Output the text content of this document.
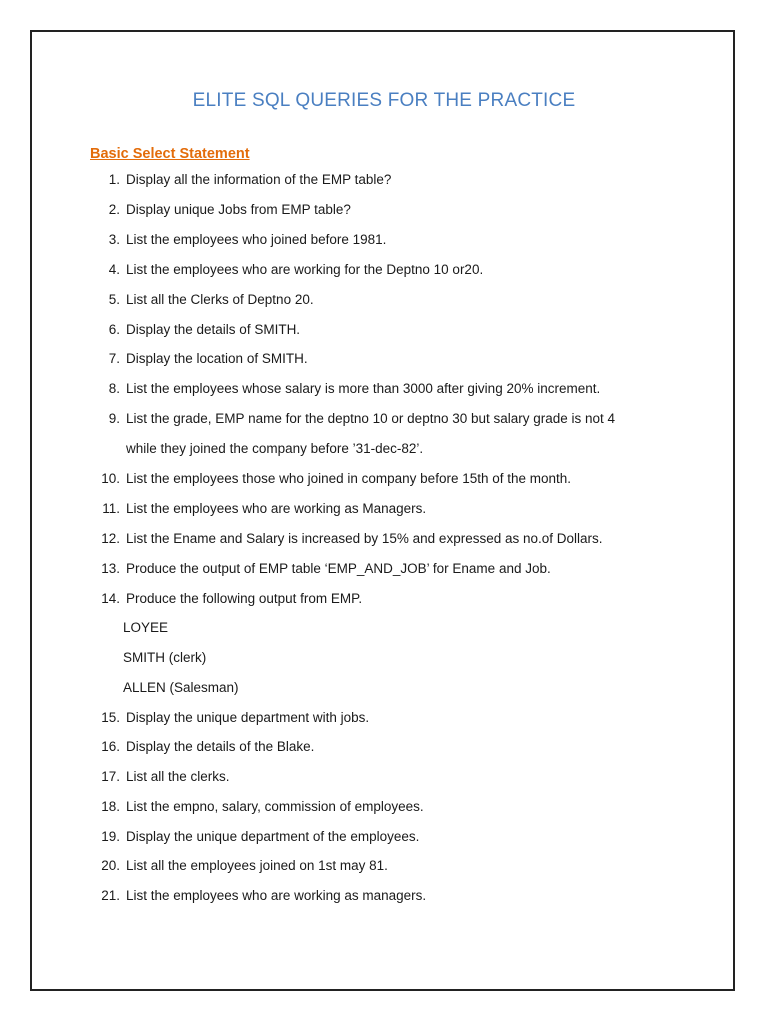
ELITE SQL QUERIES FOR THE PRACTICE
Basic Select Statement
1. Display all the information of the EMP table?
2. Display unique Jobs from EMP table?
3. List the employees who joined before 1981.
4. List the employees who are working for the Deptno 10 or20.
5. List all the Clerks of Deptno 20.
6. Display the details of SMITH.
7. Display the location of SMITH.
8. List the employees whose salary is more than 3000 after giving 20% increment.
9. List the grade, EMP name for the deptno 10 or deptno 30 but salary grade is not 4
while they joined the company before ’31-dec-82’.
10. List the employees those who joined in company before 15th of the month.
11. List the employees who are working as Managers.
12. List the Ename and Salary is increased by 15% and expressed as no.of Dollars.
13. Produce the output of EMP table ‘EMP_AND_JOB’ for Ename and Job.
14. Produce the following output from EMP.
LOYEE
SMITH (clerk)
ALLEN (Salesman)
15. Display the unique department with jobs.
16. Display the details of the Blake.
17. List all the clerks.
18. List the empno, salary, commission of employees.
19. Display the unique department of the employees.
20. List all the employees joined on 1st may 81.
21. List the employees who are working as managers.
